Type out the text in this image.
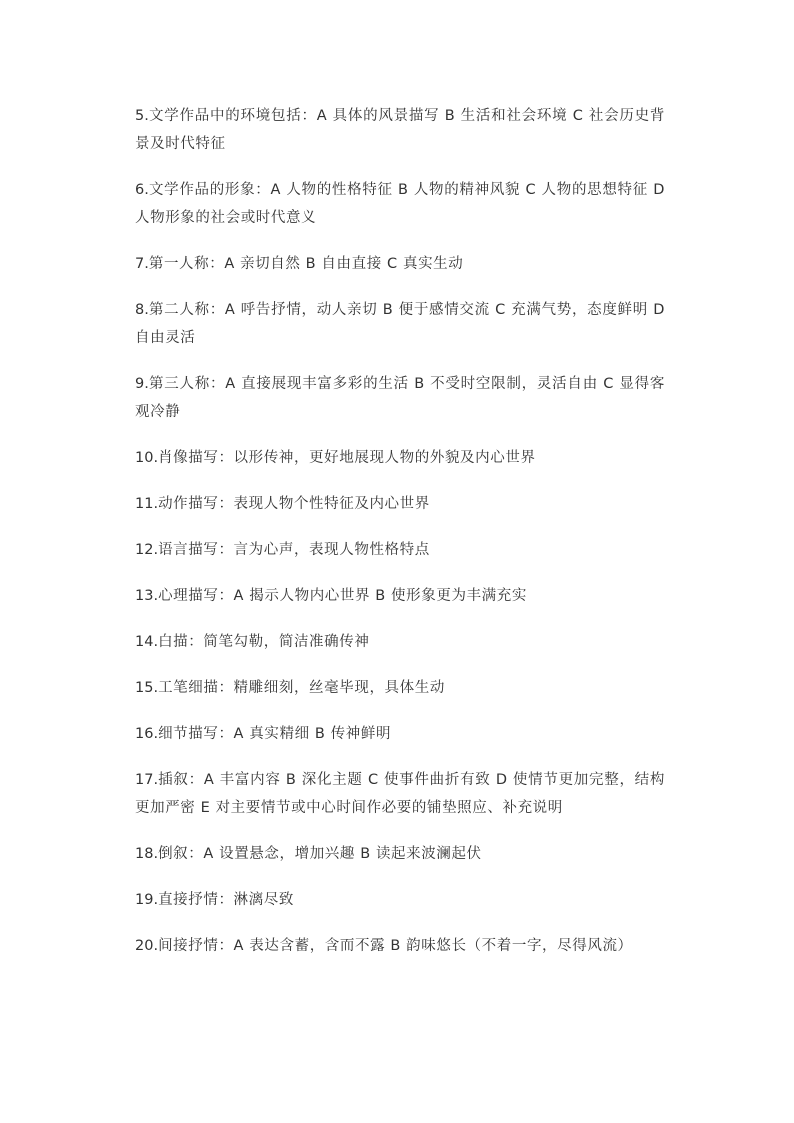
5.文学作品中的环境包括：A 具体的风景描写 B 生活和社会环境 C 社会历史背景及时代特征

6.文学作品的形象：A 人物的性格特征 B 人物的精神风貌 C 人物的思想特征 D 人物形象的社会或时代意义

7.第一人称：A 亲切自然 B 自由直接 C 真实生动

8.第二人称：A 呼告抒情，动人亲切 B 便于感情交流 C 充满气势，态度鲜明 D 自由灵活

9.第三人称：A 直接展现丰富多彩的生活 B 不受时空限制，灵活自由 C 显得客观冷静

10.肖像描写：以形传神，更好地展现人物的外貌及内心世界

11.动作描写：表现人物个性特征及内心世界

12.语言描写：言为心声，表现人物性格特点

13.心理描写：A 揭示人物内心世界 B 使形象更为丰满充实

14.白描：简笔勾勒，简洁准确传神

15.工笔细描：精雕细刻，丝毫毕现，具体生动

16.细节描写：A 真实精细 B 传神鲜明

17.插叙：A 丰富内容 B 深化主题 C 使事件曲折有致 D 使情节更加完整，结构更加严密 E 对主要情节或中心时间作必要的铺垫照应、补充说明

18.倒叙：A 设置悬念，增加兴趣 B 读起来波澜起伏

19.直接抒情：淋漓尽致

20.间接抒情：A 表达含蓄，含而不露 B 韵味悠长（不着一字，尽得风流）
